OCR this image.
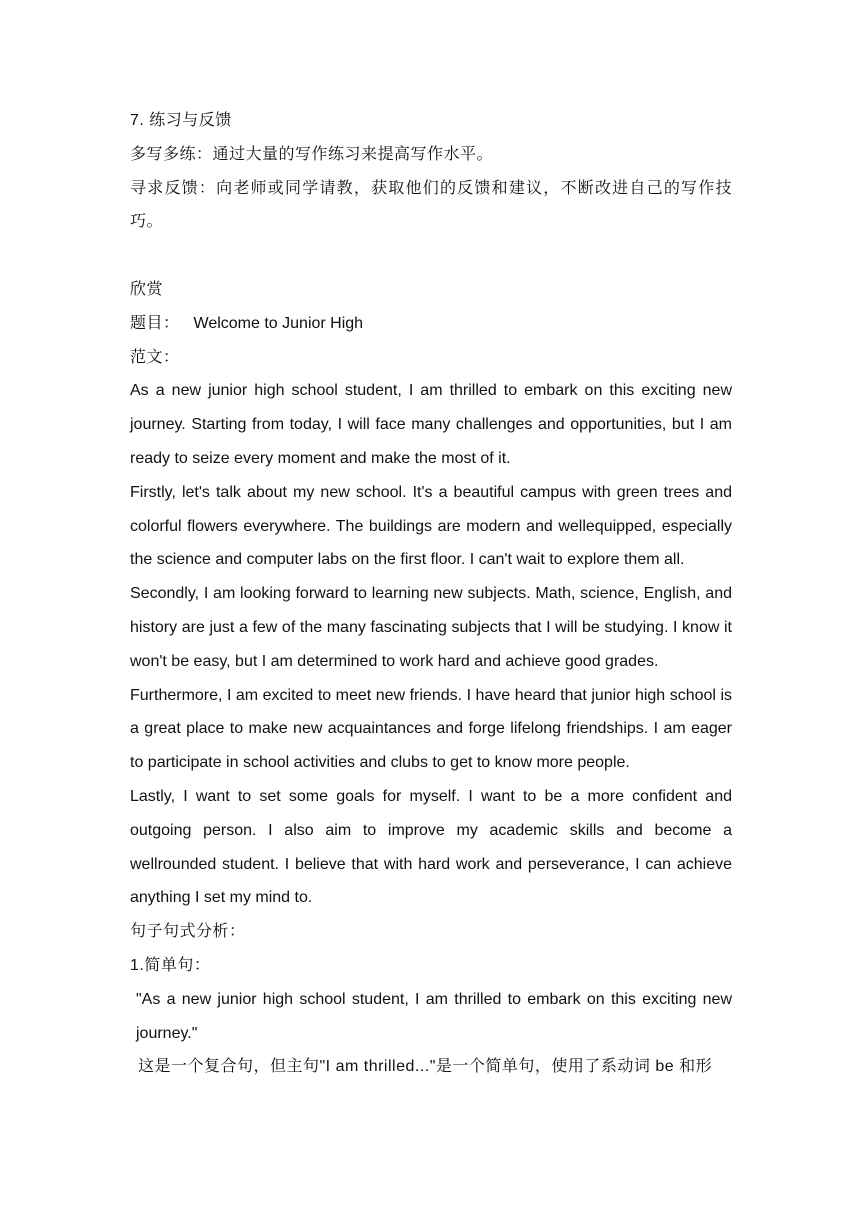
7. 练习与反馈

多写多练：通过大量的写作练习来提高写作水平。

寻求反馈：向老师或同学请教，获取他们的反馈和建议，不断改进自己的写作技巧。

欣赏

题目： Welcome to Junior High

范文：

As a new junior high school student, I am thrilled to embark on this exciting new journey. Starting from today, I will face many challenges and opportunities, but I am ready to seize every moment and make the most of it.

Firstly, let's talk about my new school. It's a beautiful campus with green trees and colorful flowers everywhere. The buildings are modern and wellequipped, especially the science and computer labs on the first floor. I can't wait to explore them all.

Secondly, I am looking forward to learning new subjects. Math, science, English, and history are just a few of the many fascinating subjects that I will be studying. I know it won't be easy, but I am determined to work hard and achieve good grades.

Furthermore, I am excited to meet new friends. I have heard that junior high school is a great place to make new acquaintances and forge lifelong friendships. I am eager to participate in school activities and clubs to get to know more people.

Lastly, I want to set some goals for myself. I want to be a more confident and outgoing person. I also aim to improve my academic skills and become a wellrounded student. I believe that with hard work and perseverance, I can achieve anything I set my mind to.

句子句式分析：

1.简单句：

"As a new junior high school student, I am thrilled to embark on this exciting new journey."

这是一个复合句，但主句"I am thrilled..."是一个简单句，使用了系动词 be 和形
